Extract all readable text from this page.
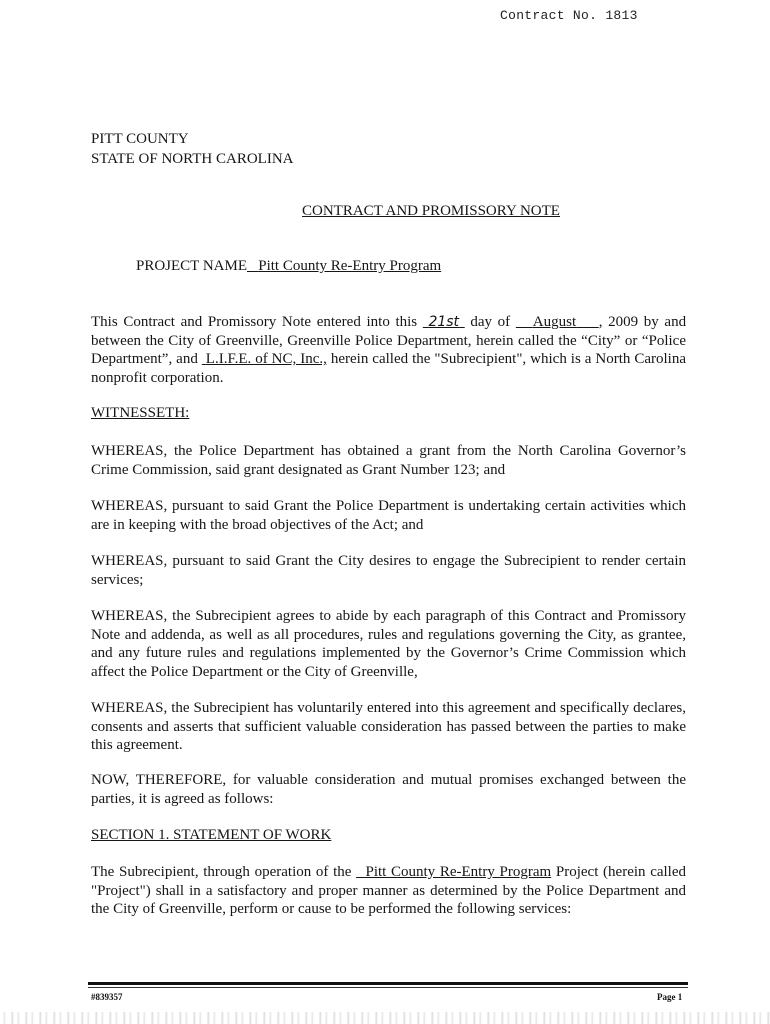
Contract No. 1813
PITT COUNTY
STATE OF NORTH CAROLINA
CONTRACT AND PROMISSORY NOTE
PROJECT NAME Pitt County Re-Entry Program
This Contract and Promissory Note entered into this 21st day of August , 2009 by and between the City of Greenville, Greenville Police Department, herein called the “City” or “Police Department”, and L.I.F.E. of NC, Inc., herein called the "Subrecipient", which is a North Carolina nonprofit corporation.
WITNESSETH:
WHEREAS, the Police Department has obtained a grant from the North Carolina Governor’s Crime Commission, said grant designated as Grant Number 123; and
WHEREAS, pursuant to said Grant the Police Department is undertaking certain activities which are in keeping with the broad objectives of the Act; and
WHEREAS, pursuant to said Grant the City desires to engage the Subrecipient to render certain services;
WHEREAS, the Subrecipient agrees to abide by each paragraph of this Contract and Promissory Note and addenda, as well as all procedures, rules and regulations governing the City, as grantee, and any future rules and regulations implemented by the Governor’s Crime Commission which affect the Police Department or the City of Greenville,
WHEREAS, the Subrecipient has voluntarily entered into this agreement and specifically declares, consents and asserts that sufficient valuable consideration has passed between the parties to make this agreement.
NOW, THEREFORE, for valuable consideration and mutual promises exchanged between the parties, it is agreed as follows:
SECTION 1. STATEMENT OF WORK
The Subrecipient, through operation of the Pitt County Re-Entry Program Project (herein called "Project") shall in a satisfactory and proper manner as determined by the Police Department and the City of Greenville, perform or cause to be performed the following services:
#839357	Page 1
